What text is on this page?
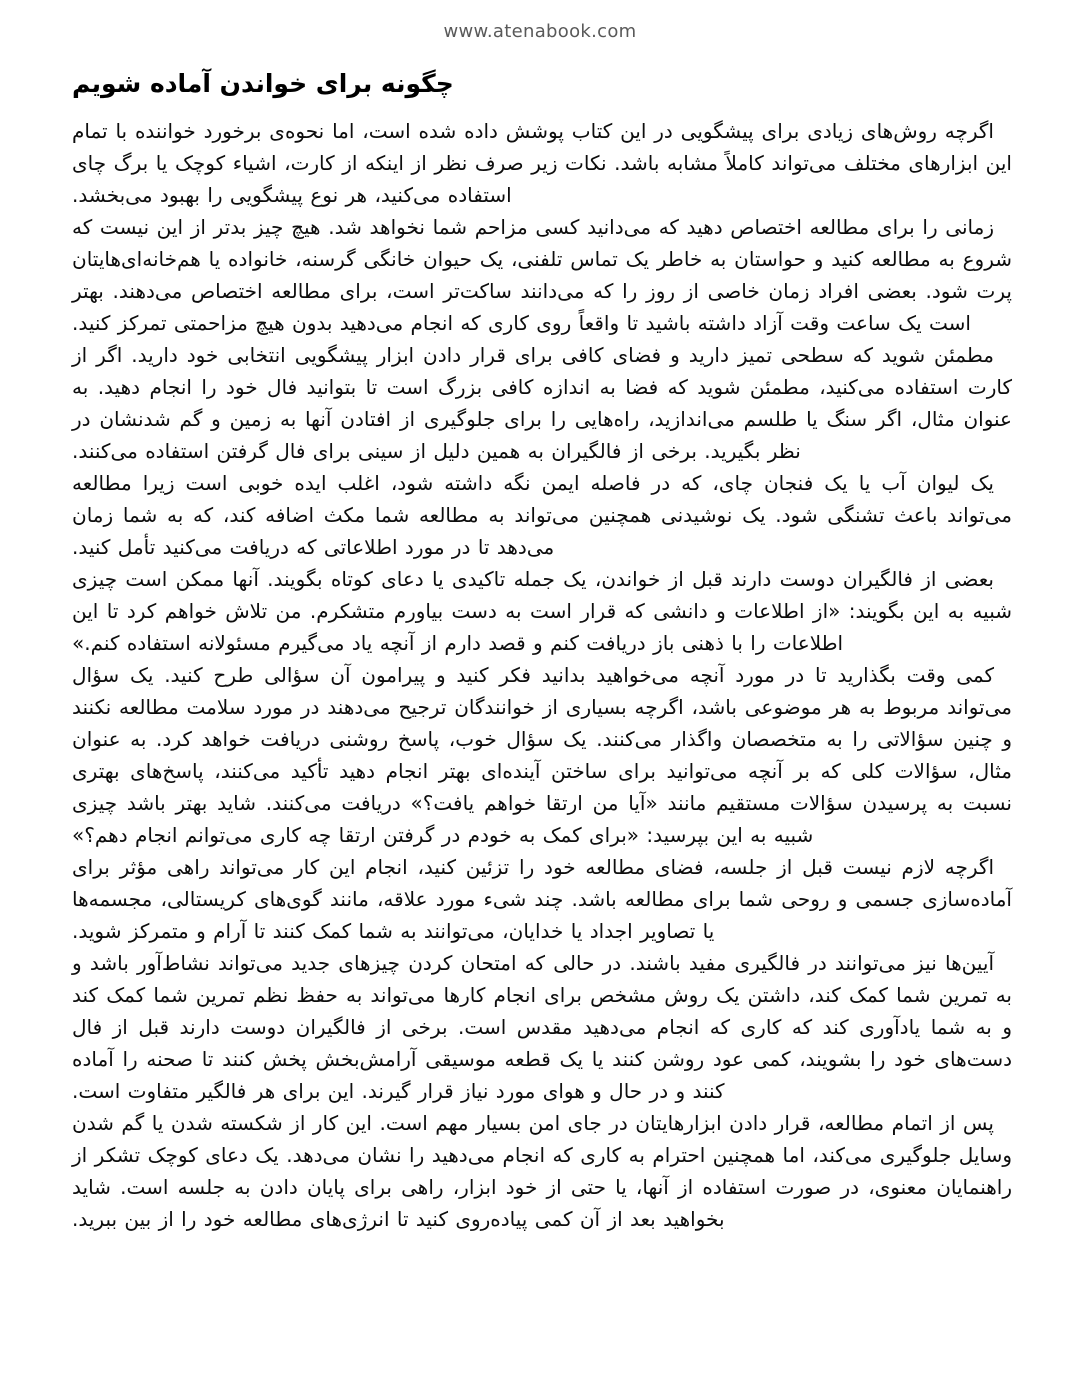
www.atenabook.com
چگونه برای خواندن آماده شویم

اگرچه روش‌های زیادی برای پیشگویی در این کتاب پوشش داده شده است، اما نحوه‌ی برخورد خواننده با تمام این ابزارهای مختلف می‌تواند کاملاً مشابه باشد. نکات زیر صرف نظر از اینکه از کارت، اشیاء کوچک یا برگ چای استفاده می‌کنید، هر نوع پیشگویی را بهبود می‌بخشد.

زمانی را برای مطالعه اختصاص دهید که می‌دانید کسی مزاحم شما نخواهد شد. هیچ چیز بدتر از این نیست که شروع به مطالعه کنید و حواستان به خاطر یک تماس تلفنی، یک حیوان خانگی گرسنه، خانواده یا هم‌خانه‌ای‌هایتان پرت شود. بعضی افراد زمان خاصی از روز را که می‌دانند ساکت‌تر است، برای مطالعه اختصاص می‌دهند. بهتر است یک ساعت وقت آزاد داشته باشید تا واقعاً روی کاری که انجام می‌دهید بدون هیچ مزاحمتی تمرکز کنید.

مطمئن شوید که سطحی تمیز دارید و فضای کافی برای قرار دادن ابزار پیشگویی انتخابی خود دارید. اگر از کارت استفاده می‌کنید، مطمئن شوید که فضا به اندازه کافی بزرگ است تا بتوانید فال خود را انجام دهید. به عنوان مثال، اگر سنگ یا طلسم می‌اندازید، راه‌هایی را برای جلوگیری از افتادن آنها به زمین و گم شدنشان در نظر بگیرید. برخی از فالگیران به همین دلیل از سینی برای فال گرفتن استفاده می‌کنند.

یک لیوان آب یا یک فنجان چای، که در فاصله ایمن نگه داشته شود، اغلب ایده خوبی است زیرا مطالعه می‌تواند باعث تشنگی شود. یک نوشیدنی همچنین می‌تواند به مطالعه شما مکث اضافه کند، که به شما زمان می‌دهد تا در مورد اطلاعاتی که دریافت می‌کنید تأمل کنید.

بعضی از فالگیران دوست دارند قبل از خواندن، یک جمله تاکیدی یا دعای کوتاه بگویند. آنها ممکن است چیزی شبیه به این بگویند: «از اطلاعات و دانشی که قرار است به دست بیاورم متشکرم. من تلاش خواهم کرد تا این اطلاعات را با ذهنی باز دریافت کنم و قصد دارم از آنچه یاد می‌گیرم مسئولانه استفاده کنم.»

کمی وقت بگذارید تا در مورد آنچه می‌خواهید بدانید فکر کنید و پیرامون آن سؤالی طرح کنید. یک سؤال می‌تواند مربوط به هر موضوعی باشد، اگرچه بسیاری از خوانندگان ترجیح می‌دهند در مورد سلامت مطالعه نکنند و چنین سؤالاتی را به متخصصان واگذار می‌کنند. یک سؤال خوب، پاسخ روشنی دریافت خواهد کرد. به عنوان مثال، سؤالات کلی که بر آنچه می‌توانید برای ساختن آینده‌ای بهتر انجام دهید تأکید می‌کنند، پاسخ‌های بهتری نسبت به پرسیدن سؤالات مستقیم مانند «آیا من ارتقا خواهم یافت؟» دریافت می‌کنند. شاید بهتر باشد چیزی شبیه به این بپرسید: «برای کمک به خودم در گرفتن ارتقا چه کاری می‌توانم انجام دهم؟»

اگرچه لازم نیست قبل از جلسه، فضای مطالعه خود را تزئین کنید، انجام این کار می‌تواند راهی مؤثر برای آماده‌سازی جسمی و روحی شما برای مطالعه باشد. چند شیء مورد علاقه، مانند گوی‌های کریستالی، مجسمه‌ها یا تصاویر اجداد یا خدایان، می‌توانند به شما کمک کنند تا آرام و متمرکز شوید.

آیین‌ها نیز می‌توانند در فالگیری مفید باشند. در حالی که امتحان کردن چیزهای جدید می‌تواند نشاط‌آور باشد و به تمرین شما کمک کند، داشتن یک روش مشخص برای انجام کارها می‌تواند به حفظ نظم تمرین شما کمک کند و به شما یادآوری کند که کاری که انجام می‌دهید مقدس است. برخی از فالگیران دوست دارند قبل از فال دست‌های خود را بشویند، کمی عود روشن کنند یا یک قطعه موسیقی آرامش‌بخش پخش کنند تا صحنه را آماده کنند و در حال و هوای مورد نیاز قرار گیرند. این برای هر فالگیر متفاوت است.

پس از اتمام مطالعه، قرار دادن ابزارهایتان در جای امن بسیار مهم است. این کار از شکسته شدن یا گم شدن وسایل جلوگیری می‌کند، اما همچنین احترام به کاری که انجام می‌دهید را نشان می‌دهد. یک دعای کوچک تشکر از راهنمایان معنوی، در صورت استفاده از آنها، یا حتی از خود ابزار، راهی برای پایان دادن به جلسه است. شاید بخواهید بعد از آن کمی پیاده‌روی کنید تا انرژی‌های مطالعه خود را از بین ببرید.
